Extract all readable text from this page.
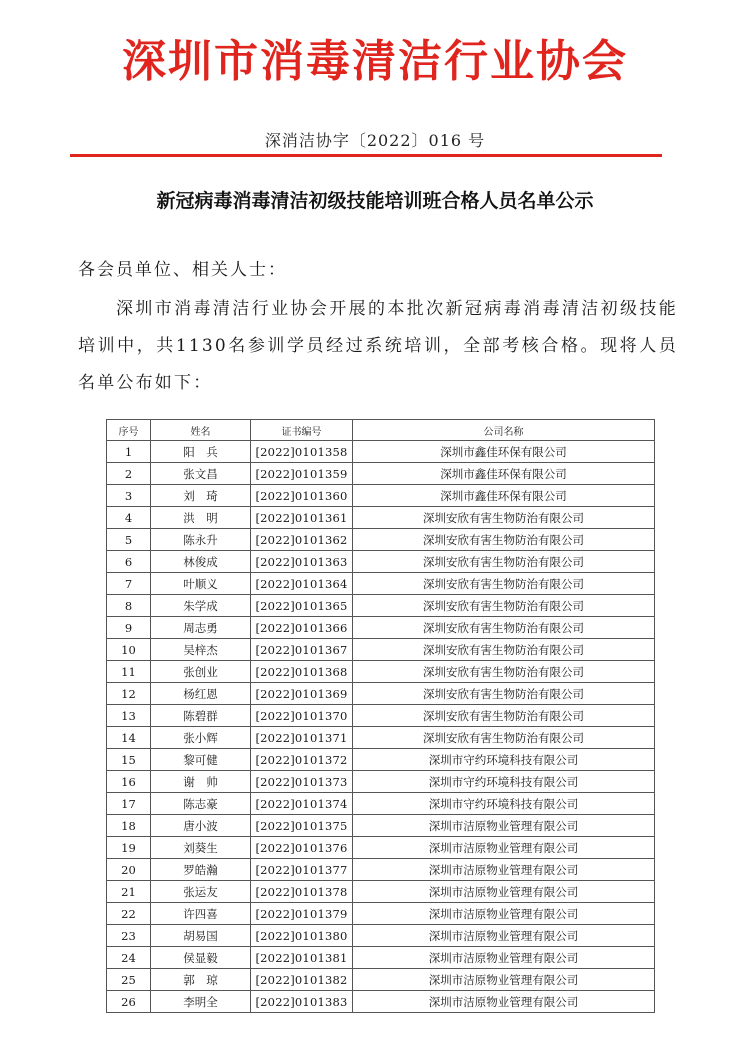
深圳市消毒清洁行业协会
深消洁协字〔2022〕016 号
新冠病毒消毒清洁初级技能培训班合格人员名单公示
各会员单位、相关人士：
深圳市消毒清洁行业协会开展的本批次新冠病毒消毒清洁初级技能培训中，共1130名参训学员经过系统培训，全部考核合格。现将人员名单公布如下：
序号	姓名	证书编号	公司名称
1	阳　兵	[2022]0101358	深圳市鑫佳环保有限公司
2	张文昌	[2022]0101359	深圳市鑫佳环保有限公司
3	刘　琦	[2022]0101360	深圳市鑫佳环保有限公司
4	洪　明	[2022]0101361	深圳安欣有害生物防治有限公司
5	陈永升	[2022]0101362	深圳安欣有害生物防治有限公司
6	林俊成	[2022]0101363	深圳安欣有害生物防治有限公司
7	叶顺义	[2022]0101364	深圳安欣有害生物防治有限公司
8	朱学成	[2022]0101365	深圳安欣有害生物防治有限公司
9	周志勇	[2022]0101366	深圳安欣有害生物防治有限公司
10	吴梓杰	[2022]0101367	深圳安欣有害生物防治有限公司
11	张创业	[2022]0101368	深圳安欣有害生物防治有限公司
12	杨红恩	[2022]0101369	深圳安欣有害生物防治有限公司
13	陈碧群	[2022]0101370	深圳安欣有害生物防治有限公司
14	张小辉	[2022]0101371	深圳安欣有害生物防治有限公司
15	黎可健	[2022]0101372	深圳市守约环境科技有限公司
16	谢　帅	[2022]0101373	深圳市守约环境科技有限公司
17	陈志豪	[2022]0101374	深圳市守约环境科技有限公司
18	唐小波	[2022]0101375	深圳市洁原物业管理有限公司
19	刘葵生	[2022]0101376	深圳市洁原物业管理有限公司
20	罗皓瀚	[2022]0101377	深圳市洁原物业管理有限公司
21	张运友	[2022]0101378	深圳市洁原物业管理有限公司
22	许四喜	[2022]0101379	深圳市洁原物业管理有限公司
23	胡易国	[2022]0101380	深圳市洁原物业管理有限公司
24	侯显毅	[2022]0101381	深圳市洁原物业管理有限公司
25	郭　琼	[2022]0101382	深圳市洁原物业管理有限公司
26	李明全	[2022]0101383	深圳市洁原物业管理有限公司
